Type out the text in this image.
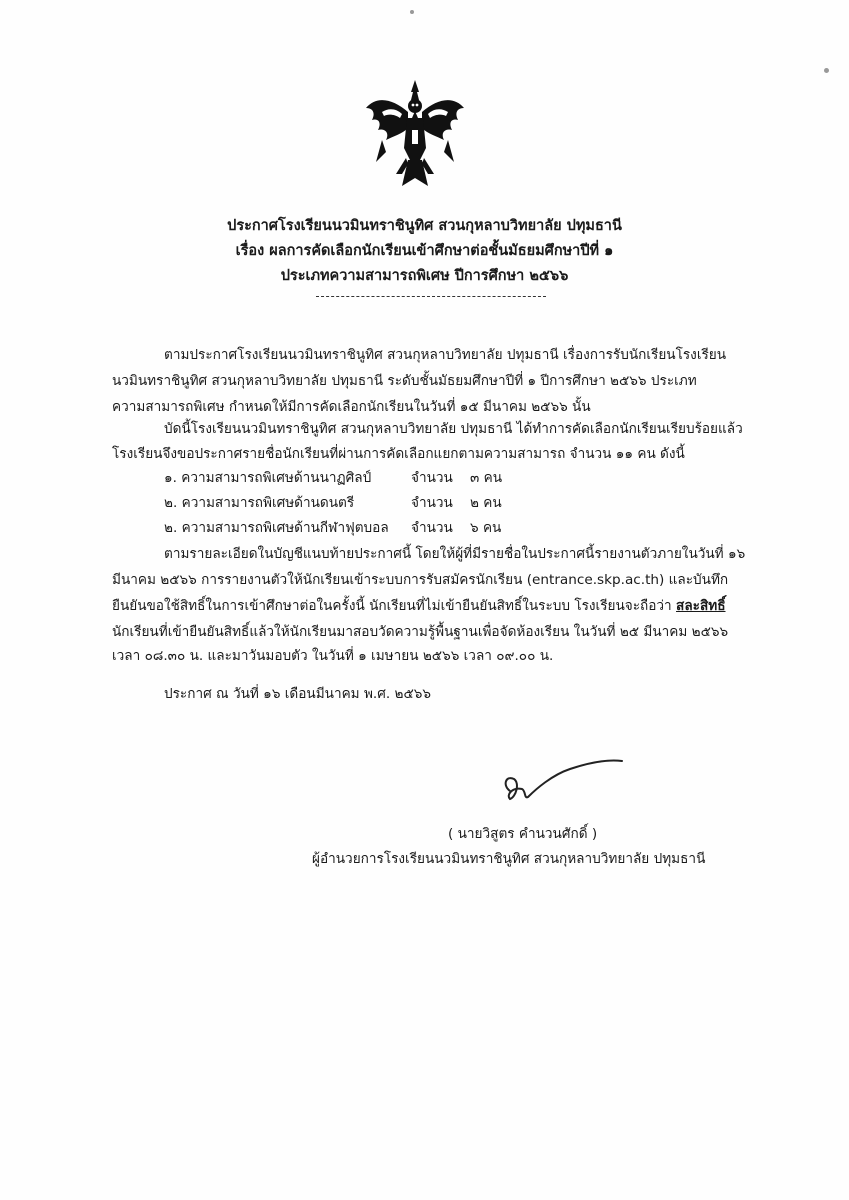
ประกาศโรงเรียนนวมินทราชินูทิศ สวนกุหลาบวิทยาลัย ปทุมธานี
เรื่อง ผลการคัดเลือกนักเรียนเข้าศึกษาต่อชั้นมัธยมศึกษาปีที่ ๑
ประเภทความสามารถพิเศษ ปีการศึกษา ๒๕๖๖
ตามประกาศโรงเรียนนวมินทราชินูทิศ สวนกุหลาบวิทยาลัย ปทุมธานี เรื่องการรับนักเรียนโรงเรียน
นวมินทราชินูทิศ สวนกุหลาบวิทยาลัย ปทุมธานี ระดับชั้นมัธยมศึกษาปีที่ ๑ ปีการศึกษา ๒๕๖๖ ประเภท
ความสามารถพิเศษ กำหนดให้มีการคัดเลือกนักเรียนในวันที่ ๑๕ มีนาคม ๒๕๖๖ นั้น
บัดนี้โรงเรียนนวมินทราชินูทิศ สวนกุหลาบวิทยาลัย ปทุมธานี ได้ทำการคัดเลือกนักเรียนเรียบร้อยแล้ว
โรงเรียนจึงขอประกาศรายชื่อนักเรียนที่ผ่านการคัดเลือกแยกตามความสามารถ จำนวน ๑๑ คน ดังนี้
๑. ความสามารถพิเศษด้านนาฏศิลป์	จำนวน ๓ คน
๒. ความสามารถพิเศษด้านดนตรี	จำนวน ๒ คน
๒. ความสามารถพิเศษด้านกีฬาฟุตบอล จำนวน ๖ คน
ตามรายละเอียดในบัญชีแนบท้ายประกาศนี้ โดยให้ผู้ที่มีรายชื่อในประกาศนี้รายงานตัวภายในวันที่ ๑๖
มีนาคม ๒๕๖๖ การรายงานตัวให้นักเรียนเข้าระบบการรับสมัครนักเรียน (entrance.skp.ac.th) และบันทึก
ยืนยันขอใช้สิทธิ์ในการเข้าศึกษาต่อในครั้งนี้ นักเรียนที่ไม่เข้ายืนยันสิทธิ์ในระบบ โรงเรียนจะถือว่า สละสิทธิ์
นักเรียนที่เข้ายืนยันสิทธิ์แล้วให้นักเรียนมาสอบวัดความรู้พื้นฐานเพื่อจัดห้องเรียน ในวันที่ ๒๕ มีนาคม ๒๕๖๖
เวลา ๐๘.๓๐ น. และมาวันมอบตัว ในวันที่ ๑ เมษายน ๒๕๖๖ เวลา ๐๙.๐๐ น.
ประกาศ ณ วันที่ ๑๖ เดือนมีนาคม พ.ศ. ๒๕๖๖
( นายวิสูตร คำนวนศักดิ์ )
ผู้อำนวยการโรงเรียนนวมินทราชินูทิศ สวนกุหลาบวิทยาลัย ปทุมธานี
